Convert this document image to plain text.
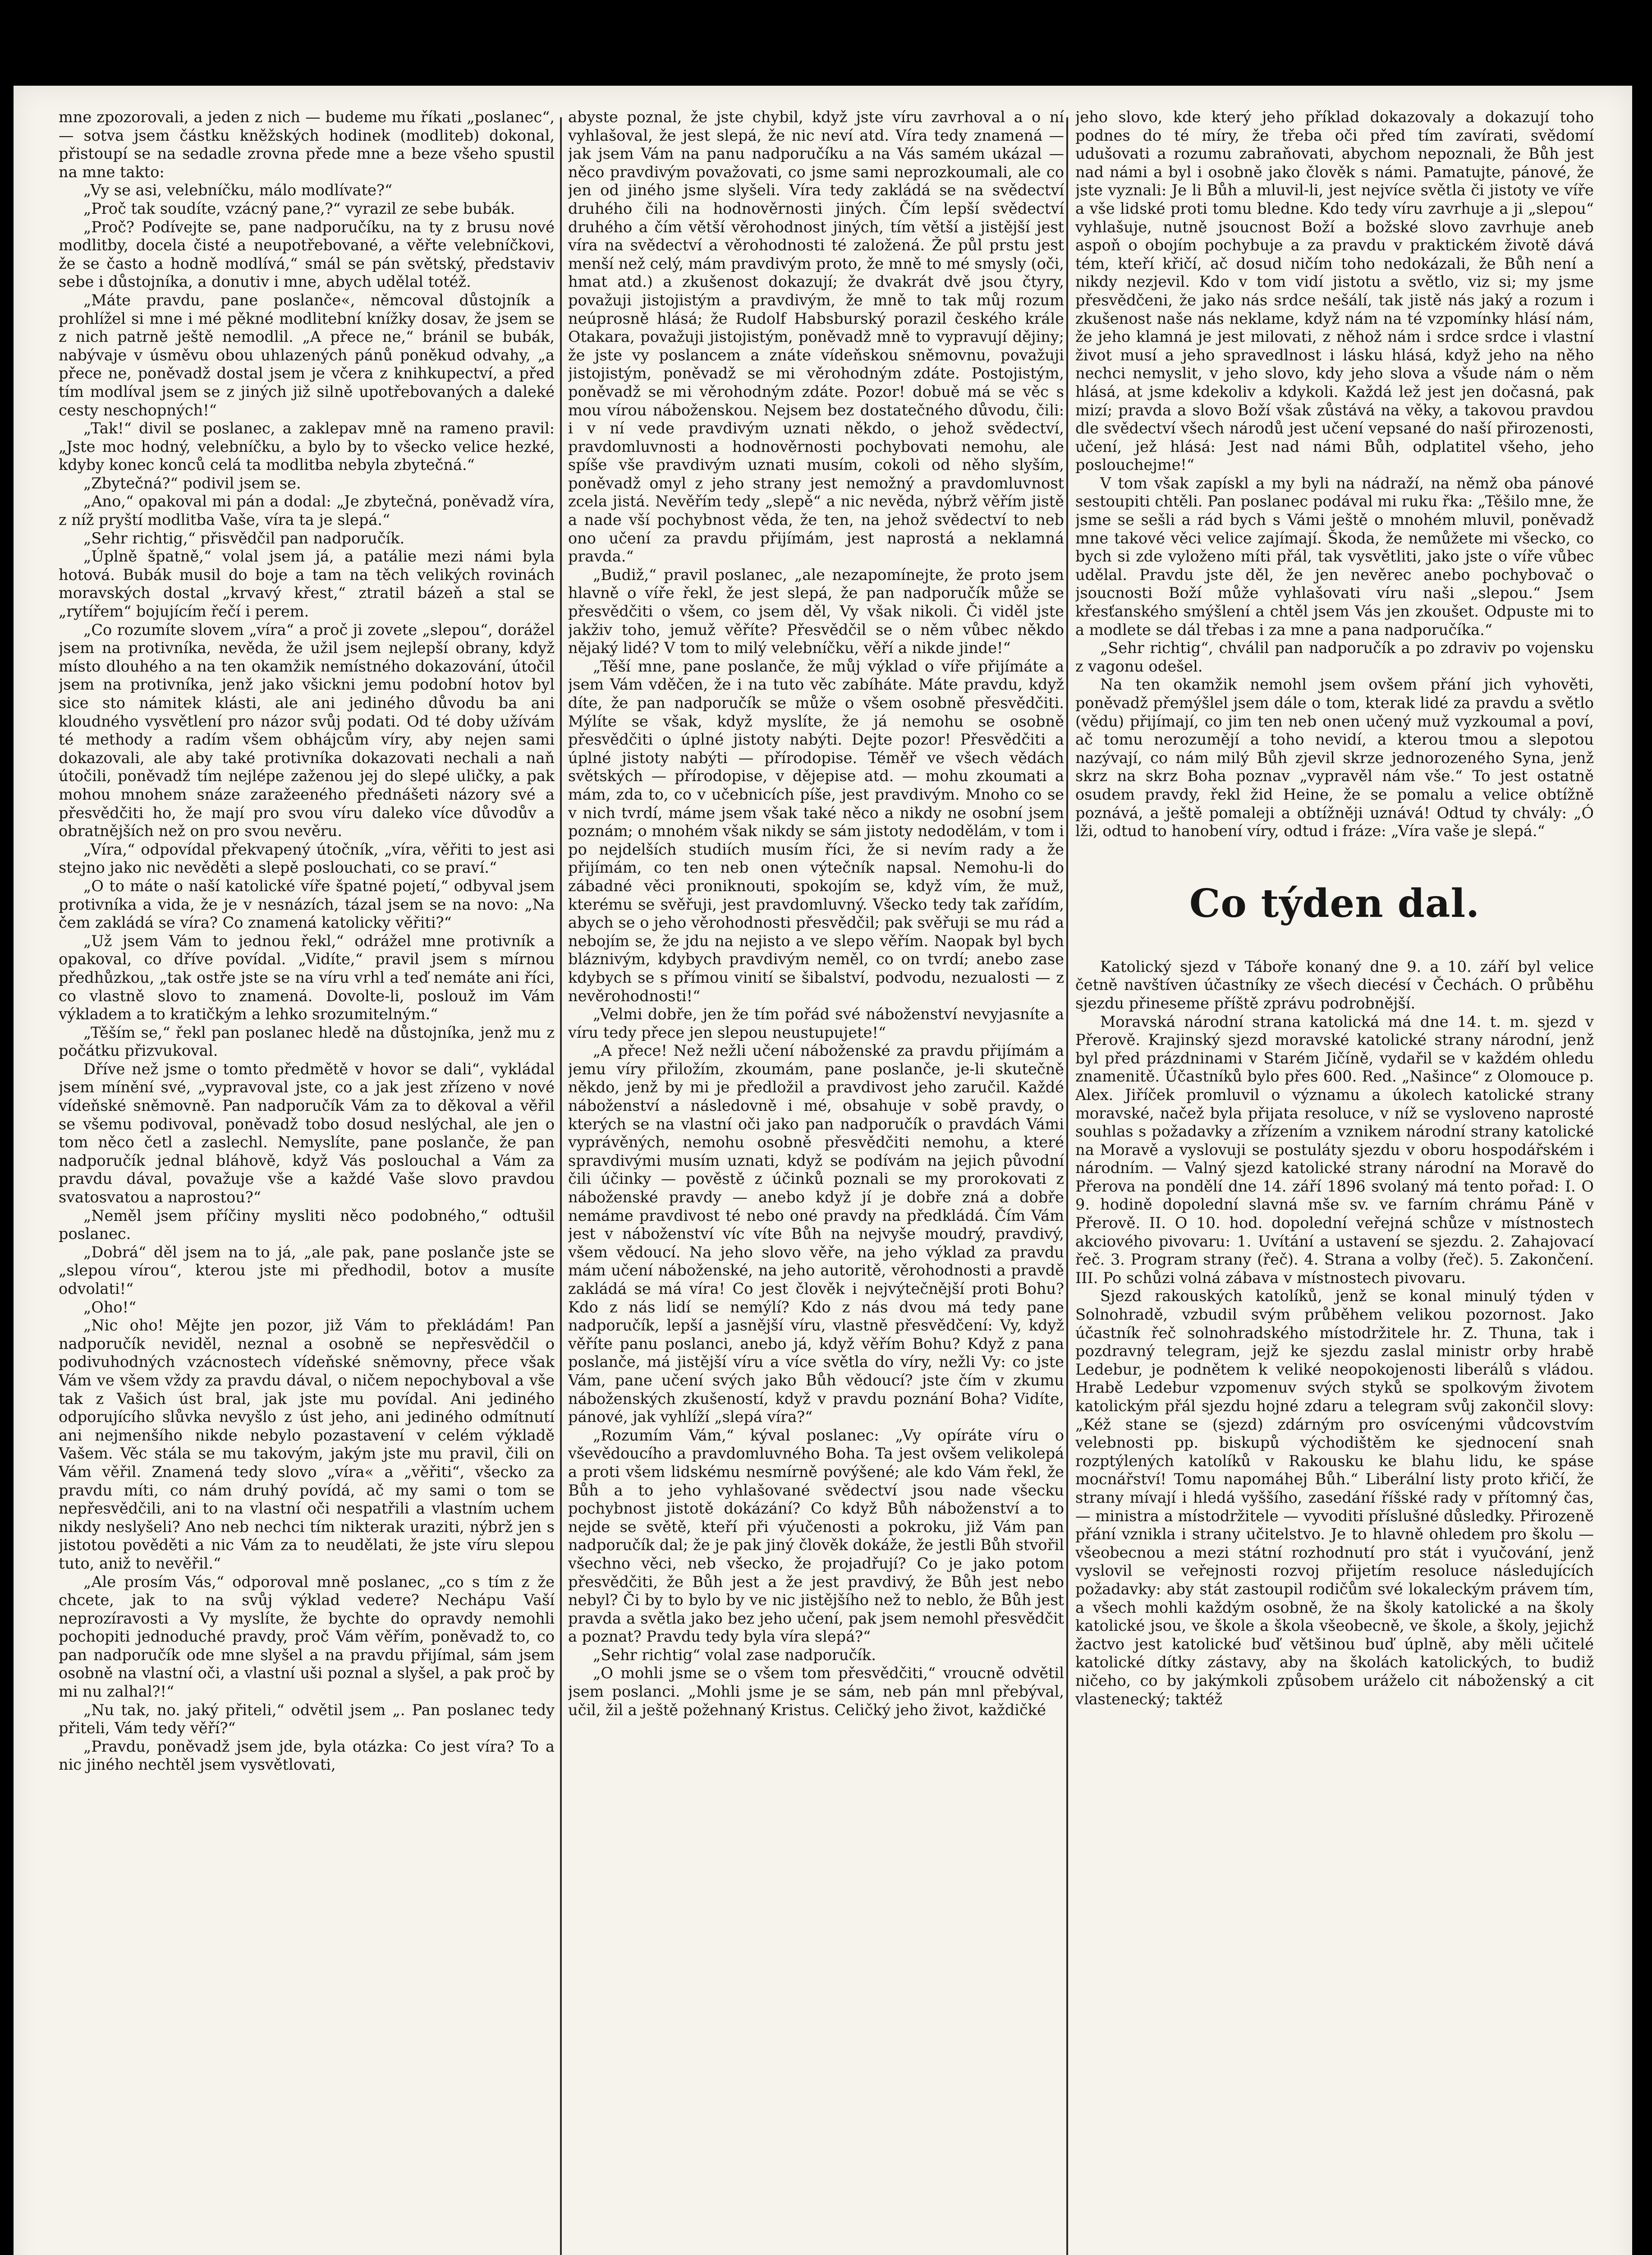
mne zpozorovali, a jeden z nich — budeme mu říkati „poslanec“, — sotva jsem částku kněžských hodinek (modliteb) dokonal, přistoupí se na sedadle zrovna přede mne a beze všeho spustil na mne takto:

„Vy se asi, velebníčku, málo modlívate?“

„Proč tak soudíte, vzácný pane,?“ vyrazil ze sebe bubák.

„Proč? Podívejte se, pane nadporučíku, na ty z brusu nové modlitby, docela čisté a neupotřebované, a věřte velebníčkovi, že se často a hodně modlívá,“ smál se pán světský, představiv sebe i důstojníka, a donutiv i mne, abych udělal totéž.

„Máte pravdu, pane poslanče«, němcoval důstojník a prohlížel si mne i mé pěkné modlitební knížky dosav, že jsem se z nich patrně ještě nemodlil. „A přece ne,“ bránil se bubák, nabývaje v úsměvu obou uhlazených pánů poněkud odvahy, „a přece ne, poněvadž dostal jsem je včera z knihkupectví, a před tím modlíval jsem se z jiných již silně upotřebovaných a daleké cesty neschopných!“

„Tak!“ divil se poslanec, a zaklepav mně na rameno pravil: „Jste moc hodný, velebníčku, a bylo by to všecko velice hezké, kdyby konec konců celá ta modlitba nebyla zbytečná.“

„Zbytečná?“ podivil jsem se.

„Ano,“ opakoval mi pán a dodal: „Je zbytečná, poněvadž víra, z níž pryští modlitba Vaše, víra ta je slepá.“

„Sehr richtig,“ přisvědčil pan nadporučík.

„Úplně špatně,“ volal jsem já, a patálie mezi námi byla hotová. Bubák musil do boje a tam na těch velikých rovinách moravských dostal „krvavý křest,“ ztratil bázeň a stal se „rytířem“ bojujícím řečí i perem.

„Co rozumíte slovem „víra“ a proč ji zovete „slepou“, dorážel jsem na protivníka, nevěda, že užil jsem nejlepší obrany, když místo dlouhého a na ten okamžik nemístného dokazování, útočil jsem na protivníka, jenž jako všickni jemu podobní hotov byl sice sto námitek klásti, ale ani jediného důvodu ba ani kloudného vysvětlení pro názor svůj podati. Od té doby užívám té methody a radím všem obhájcům víry, aby nejen sami dokazovali, ale aby také protivníka dokazovati nechali a naň útočili, poněvadž tím nejlépe zaženou jej do slepé uličky, a pak mohou mnohem snáze zaražeeného přednášeti názory své a přesvědčiti ho, že mají pro svou víru daleko více důvodův a obratnějších než on pro svou nevěru.

„Víra,“ odpovídal překvapený útočník, „víra, věřiti to jest asi stejno jako nic nevěděti a slepě poslouchati, co se praví.“

„O to máte o naší katolické víře špatné pojetí,“ odbyval jsem protivníka a vida, že je v nesnázích, tázal jsem se na novo: „Na čem zakládá se víra? Co znamená katolicky věřiti?“

„Už jsem Vám to jednou řekl,“ odrážel mne protivník a opakoval, co dříve povídal. „Vidíte,“ pravil jsem s mírnou předhůzkou, „tak ostře jste se na víru vrhl a teď nemáte ani říci, co vlastně slovo to znamená. Dovolte-li, poslouž im Vám výkladem a to kratičkým a lehko srozumitelným.“

„Těším se,“ řekl pan poslanec hledě na důstojníka, jenž mu z počátku přizvukoval.

Dříve než jsme o tomto předmětě v hovor se dali“, vykládal jsem mínění své, „vypravoval jste, co a jak jest zřízeno v nové vídeňské sněmovně. Pan nadporučík Vám za to děkoval a věřil se všemu podivoval, poněvadž tobo dosud neslýchal, ale jen o tom něco četl a zaslechl. Nemyslíte, pane poslanče, že pan nadporučík jednal bláhově, když Vás poslouchal a Vám za pravdu dával, považuje vše a každé Vaše slovo pravdou svatosvatou a naprostou?“

„Neměl jsem příčiny mysliti něco podobného,“ odtušil poslanec.

„Dobrá“ děl jsem na to já, „ale pak, pane poslanče jste se „slepou vírou“, kterou jste mi předhodil, botov a musíte odvolati!“

„Oho!“

„Nic oho! Mějte jen pozor, již Vám to překládám! Pan nadporučík neviděl, neznal a osobně se nepřesvědčil o podivuhodných vzácnostech vídeňské sněmovny, přece však Vám ve všem vždy za pravdu dával, o ničem nepochyboval a vše tak z Vašich úst bral, jak jste mu povídal. Ani jediného odporujícího slůvka nevyšlo z úst jeho, ani jediného odmítnutí ani nejmenšího nikde nebylo pozastavení v celém výkladě Vašem. Věc stála se mu takovým, jakým jste mu pravil, čili on Vám věřil. Znamená tedy slovo „víra« a „věřiti“, všecko za pravdu míti, co nám druhý povídá, ač my sami o tom se nepřesvědčili, ani to na vlastní oči nespatřili a vlastním uchem nikdy neslyšeli? Ano neb nechci tím nikterak uraziti, nýbrž jen s jistotou pověděti a nic Vám za to neudělati, že jste víru slepou tuto, aniž to nevěřil.“

„Ale prosím Vás,“ odporoval mně poslanec, „co s tím z že chcete, jak to na svůj výklad vedeте? Nechápu Vaší neprozíravosti a Vy myslíte, že bychte do opravdy nemohli pochopiti jednoduché pravdy, proč Vám věřím, poněvadž to, co pan nadporučík ode mne slyšel a na pravdu přijímal, sám jsem osobně na vlastní oči, a vlastní uši poznal a slyšel, a pak proč by mi nu zalhal?!“

„Nu tak, no. jaký přiteli,“ odvětil jsem „. Pan poslanec tedy přiteli, Vám tedy věří?“

„Pravdu, poněvadž jsem jde, byla otázka: Co jest víra? To a nic jiného nechtěl jsem vysvětlovati,

abyste poznal, že jste chybil, když jste víru zavrhoval a o ní vyhlašoval, že jest slepá, že nic neví atd. Víra tedy znamená — jak jsem Vám na panu nadporučíku a na Vás samém ukázal — něco pravdivým považovati, co jsme sami neprozkoumali, ale co jen od jiného jsme slyšeli. Víra tedy zakládá se na svědectví druhého čili na hodnověrnosti jiných. Čím lepší svědectví druhého a čím větší věrohodnost jiných, tím větší a jistější jest víra na svědectví a věrohodnosti té založená. Že půl prstu jest menší než celý, mám pravdivým proto, že mně to mé smysly (oči, hmat atd.) a zkušenost dokazují; že dvakrát dvě jsou čtyry, považuji jistojistým a pravdivým, že mně to tak můj rozum neúprosně hlásá; že Rudolf Habsburský porazil českého krále Otakara, považuji jistojistým, poněvadž mně to vypravují dějiny; že jste vy poslancem a znáte vídeňskou sněmovnu, považuji jistojistým, poněvadž se mi věrohodným zdáte. Postojistým, poněvadž se mi věrohodným zdáte. Pozor! dobuě má se věc s mou vírou náboženskou. Nejsem bez dostatečného důvodu, čili: i v ní vede pravdivým uznati někdo, o jehož svědectví, pravdomluvnosti a hodnověrnosti pochybovati nemohu, ale spíše vše pravdivým uznati musím, cokoli od něho slyším, poněvadž omyl z jeho strany jest nemožný a pravdomluvnost zcela jistá. Nevěřím tedy „slepě“ a nic nevěda, nýbrž věřím jistě a nade vší pochybnost věda, že ten, na jehož svědectví to neb ono učení za pravdu přijímám, jest naprostá a neklamná pravda.“

„Budiž,“ pravil poslanec, „ale nezapomínejte, že proto jsem hlavně o víře řekl, že jest slepá, že pan nadporučík může se přesvědčiti o všem, co jsem děl, Vy však nikoli. Či viděl jste jakživ toho, jemuž věříte? Přesvědčil se o něm vůbec někdo nějaký lidé? V tom to milý velebníčku, věří a nikde jinde!“

„Těší mne, pane poslanče, že můj výklad o víře přijímáte a jsem Vám vděčen, že i na tuto věc zabíháte. Máte pravdu, když díte, že pan nadporučík se může o všem osobně přesvědčiti. Mýlíte se však, když myslíte, že já nemohu se osobně přesvědčiti o úplné jistoty nabýti. Dejte pozor! Přesvědčiti a úplné jistoty nabýti — přírodopise. Téměř ve všech vědách světských — přírodopise, v dějepise atd. — mohu zkoumati a mám, zda to, co v učebnicích píše, jest pravdivým. Mnoho co se v nich tvrdí, máme jsem však také něco a nikdy ne osobní jsem poznám; o mnohém však nikdy se sám jistoty nedodělám, v tom i po nejdelších studiích musím říci, že si nevím rady a že přijímám, co ten neb onen výtečník napsal. Nemohu-li do zábadné věci proniknouti, spokojím se, když vím, že muž, kterému se svěřuji, jest pravdomluvný. Všecko tedy tak zařídím, abych se o jeho věrohodnosti přesvědčil; pak svěřuji se mu rád a nebojím se, že jdu na nejisto a ve slepo věřím. Naopak byl bych bláznivým, kdybych pravdivým neměl, co on tvrdí; anebo zase kdybych se s přímou vinití se šibalství, podvodu, nezualosti — z nevěrohodnosti!“

„Velmi dobře, jen že tím pořád své náboženství nevyjasníte a víru tedy přece jen slepou neustupujete!“

„A přece! Než nežli učení náboženské za pravdu přijímám a jemu víry přiložím, zkoumám, pane poslanče, je-li skutečně někdo, jenž by mi je předložil a pravdivost jeho zaručil. Každé náboženství a následovně i mé, obsahuje v sobě pravdy, o kterých se na vlastní oči jako pan nadporučík o pravdách Vámi vyprávěných, nemohu osobně přesvědčiti nemohu, a které spravdivými musím uznati, když se podívám na jejich původní čili účinky — pověstě z účinků poznali se my prorokovati z náboženské pravdy — anebo když jí je dobře zná a dobře nemáme pravdivost té nebo oné pravdy na předkládá. Čím Vám jest v náboženství víc víte Bůh na nejvyše moudrý, pravdivý, všem vědoucí. Na jeho slovo věře, na jeho výklad za pravdu mám učení náboženské, na jeho autoritě, věrohodnosti a pravdě zakládá se má víra! Co jest člověk i nejvýtečnější proti Bohu? Kdo z nás lidí se nemýlí? Kdo z nás dvou má tedy pane nadporučík, lepší a jasnější víru, vlastně přesvědčení: Vy, když věříte panu poslanci, anebo já, když věřím Bohu? Když z pana poslanče, má jistější víru a více světla do víry, nežli Vy: co jste Vám, pane učení svých jako Bůh vědoucí? jste čím v zkumu náboženských zkušeností, když v pravdu poznání Boha? Vidíte, pánové, jak vyhlíží „slepá víra?“

„Rozumím Vám,“ kýval poslanec: „Vy opíráte víru o vševědoucího a pravdomluvného Boha. Ta jest ovšem velikolepá a proti všem lidskému nesmírně povýšené; ale kdo Vám řekl, že Bůh a to jeho vyhlašované svědectví jsou nade všecku pochybnost jistotě dokázání? Co když Bůh náboženství a to nejde se světě, kteří při výučenosti a pokroku, již Vám pan nadporučík dal; že je pak jiný člověk dokáže, že jestli Bůh stvořil všechno věci, neb všecko, že projadřují? Co je jako potom přesvědčiti, že Bůh jest a že jest pravdivý, že Bůh jest nebo nebyl? Či by to bylo by ve nic jistějšího než to neblo, že Bůh jest pravda a světla jako bez jeho učení, pak jsem nemohl přesvědčit a poznat? Pravdu tedy byla víra slepá?“

„Sehr richtig“ volal zase nadporučík.

„O mohli jsme se o všem tom přesvědčiti,“ vroucně odvětil jsem poslanci. „Mohli jsme je se sám, neb pán mnl přebýval, učil, žil a ještě požehnaný Kristus. Celičký jeho život, každičké

jeho slovo, kde který jeho příklad dokazovaly a dokazují toho podnes do té míry, že třeba oči před tím zavírati, svědomí udušovati a rozumu zabraňovati, abychom nepoznali, že Bůh jest nad námi a byl i osobně jako člověk s námi. Pamatujte, pánové, že jste vyznali: Je li Bůh a mluvil-li, jest nejvíce světla či jistoty ve víře a vše lidské proti tomu bledne. Kdo tedy víru zavrhuje a ji „slepou“ vyhlašuje, nutně jsoucnost Boží a božské slovo zavrhuje aneb aspoň o obojím pochybuje a za pravdu v praktickém životě dává tém, kteří křičí, ač dosud ničím toho nedokázali, že Bůh není a nikdy nezjevil. Kdo v tom vidí jistotu a světlo, viz si; my jsme přesvědčeni, že jako nás srdce nešálí, tak jistě nás jaký a rozum i zkušenost naše nás neklame, když nám na té vzpomínky hlásí nám, že jeho klamná je jest milovati, z něhož nám i srdce srdce i vlastní život musí a jeho spravedlnost i lásku hlásá, když jeho na něho nechci nemyslit, v jeho slovo, kdy jeho slova a všude nám o něm hlásá, at jsme kdekoliv a kdykoli. Každá lež jest jen dočasná, pak mizí; pravda a slovo Boží však zůstává na věky, a takovou pravdou dle svědectví všech národů jest učení vepsané do naší přirozenosti, učení, jež hlásá: Jest nad námi Bůh, odplatitel všeho, jeho poslouchejme!“

V tom však zapískl a my byli na nádraží, na němž oba pánové sestoupiti chtěli. Pan poslanec podával mi ruku řka: „Těšilo mne, že jsme se sešli a rád bych s Vámi ještě o mnohém mluvil, poněvadž mne takové věci velice zajímají. Škoda, že nemůžete mi všecko, co bych si zde vyloženo míti přál, tak vysvětliti, jako jste o víře vůbec udělal. Pravdu jste děl, že jen nevěrec anebo pochybovač o jsoucnosti Boží může vyhlašovati víru naši „slepou.“ Jsem křesťanského smýšlení a chtěl jsem Vás jen zkoušet. Odpuste mi to a modlete se dál třebas i za mne a pana nadporučíka.“

„Sehr richtig“, chválil pan nadporučík a po zdraviv po vojensku z vagonu odešel.

Na ten okamžik nemohl jsem ovšem přání jich vyhověti, poněvadž přemýšlel jsem dále o tom, kterak lidé za pravdu a světlo (vědu) přijímají, co jim ten neb onen učený muž vyzkoumal a poví, ač tomu nerozumějí a toho nevidí, a kterou tmou a slepotou nazývají, co nám milý Bůh zjevil skrze jednorozeného Syna, jenž skrz na skrz Boha poznav „vypravěl nám vše.“ To jest ostatně osudem pravdy, řekl žid Heine, že se pomalu a velice obtížně poznává, a ještě pomaleji a obtížněji uznává! Odtud ty chvály: „Ó lži, odtud to hanobení víry, odtud i fráze: „Víra vaše je slepá.“

Co týden dal.

Katolický sjezd v Táboře konaný dne 9. a 10. září byl velice četně navštíven účastníky ze všech diecésí v Čechách. O průběhu sjezdu přineseme příště zprávu podrobnější.

Moravská národní strana katolická má dne 14. t. m. sjezd v Přerově. Krajinský sjezd moravské katolické strany národní, jenž byl před prázdninami v Starém Jičíně, vydařil se v každém ohledu znamenitě. Účastníků bylo přes 600. Red. „Našince“ z Olomouce p. Alex. Jiříček promluvil o významu a úkolech katolické strany moravské, načež byla přijata resoluce, v níž se vysloveno naprosté souhlas s požadavky a zřízením a vznikem národní strany katolické na Moravě a vyslovuji se postuláty sjezdu v oboru hospodářském i národním. — Valný sjezd katolické strany národní na Moravě do Přerova na pondělí dne 14. září 1896 svolaný má tento pořad: I. O 9. hodině dopolední slavná mše sv. ve farním chrámu Páně v Přerově. II. O 10. hod. dopolední veřejná schůze v místnostech akciového pivovaru: 1. Uvítání a ustavení se sjezdu. 2. Zahajovací řeč. 3. Program strany (řeč). 4. Strana a volby (řeč). 5. Zakončení. III. Po schůzi volná zábava v místnostech pivovaru.

Sjezd rakouských katolíků, jenž se konal minulý týden v Solnohradě, vzbudil svým průběhem velikou pozornost. Jako účastník řeč solnohradského místodržitele hr. Z. Thuna, tak i pozdravný telegram, jejž ke sjezdu zaslal ministr orby hrabě Ledebur, je podnětem k veliké neopokojenosti liberálů s vládou. Hrabě Ledebur vzpomenuv svých styků se spolkovým životem katolickým přál sjezdu hojné zdaru a telegram svůj zakončil slovy: „Kéž stane se (sjezd) zdárným pro osvícenými vůdcovstvím velebnosti pp. biskupů východištěm ke sjednocení snah rozptýlených katolíků v Rakousku ke blahu lidu, ke spáse mocnářství! Tomu napomáhej Bůh.“ Liberální listy proto křičí, že strany mívají i hledá vyššího, zasedání říšské rady v přítomný čas, — ministra a místodržitele — vyvoditi příslušné důsledky. Přirozeně přání vznikla i strany učitelstvo. Je to hlavně ohledem pro školu — všeobecnou a mezi státní rozhodnutí pro stát i vyučování, jenž vyslovil se veřejnosti rozvoj přijetím resoluce následujících požadavky: aby stát zastoupil rodičům své lokaleckým právem tím, a všech mohli každým osobně, že na školy katolické a na školy katolické jsou, ve škole a škola všeobecně, ve škole, a školy, jejichž žactvo jest katolické buď většinou buď úplně, aby měli učitelé katolické dítky zástavy, aby na školách katolických, to budiž ničeho, co by jakýmkoli způsobem uráželo cit náboženský a cit vlastenecký; taktéž
